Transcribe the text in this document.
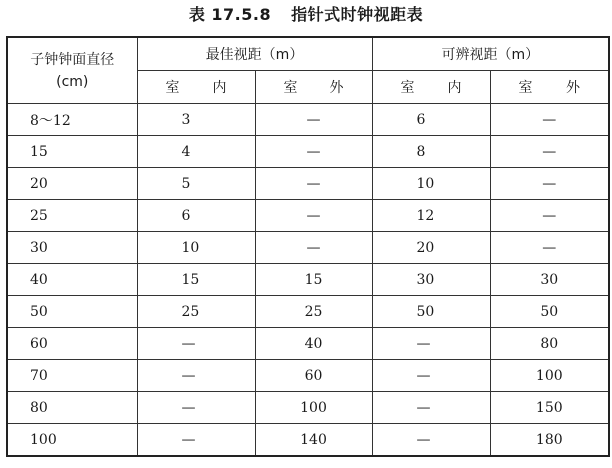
表 17.5.8 指针式时钟视距表
子钟钟面直径
(cm)	最佳视距（m）		可辨视距（m）	

	室 内	室 外	室 内	室 外

8～12	3	—	6	—
15	4	—	8	—
20	5	—	10	—
25	6	—	12	—
30	10	—	20	—
40	15	15	30	30
50	25	25	50	50
60	—	40	—	80
70	—	60	—	100
80	—	100	—	150
100	—	140	—	180
